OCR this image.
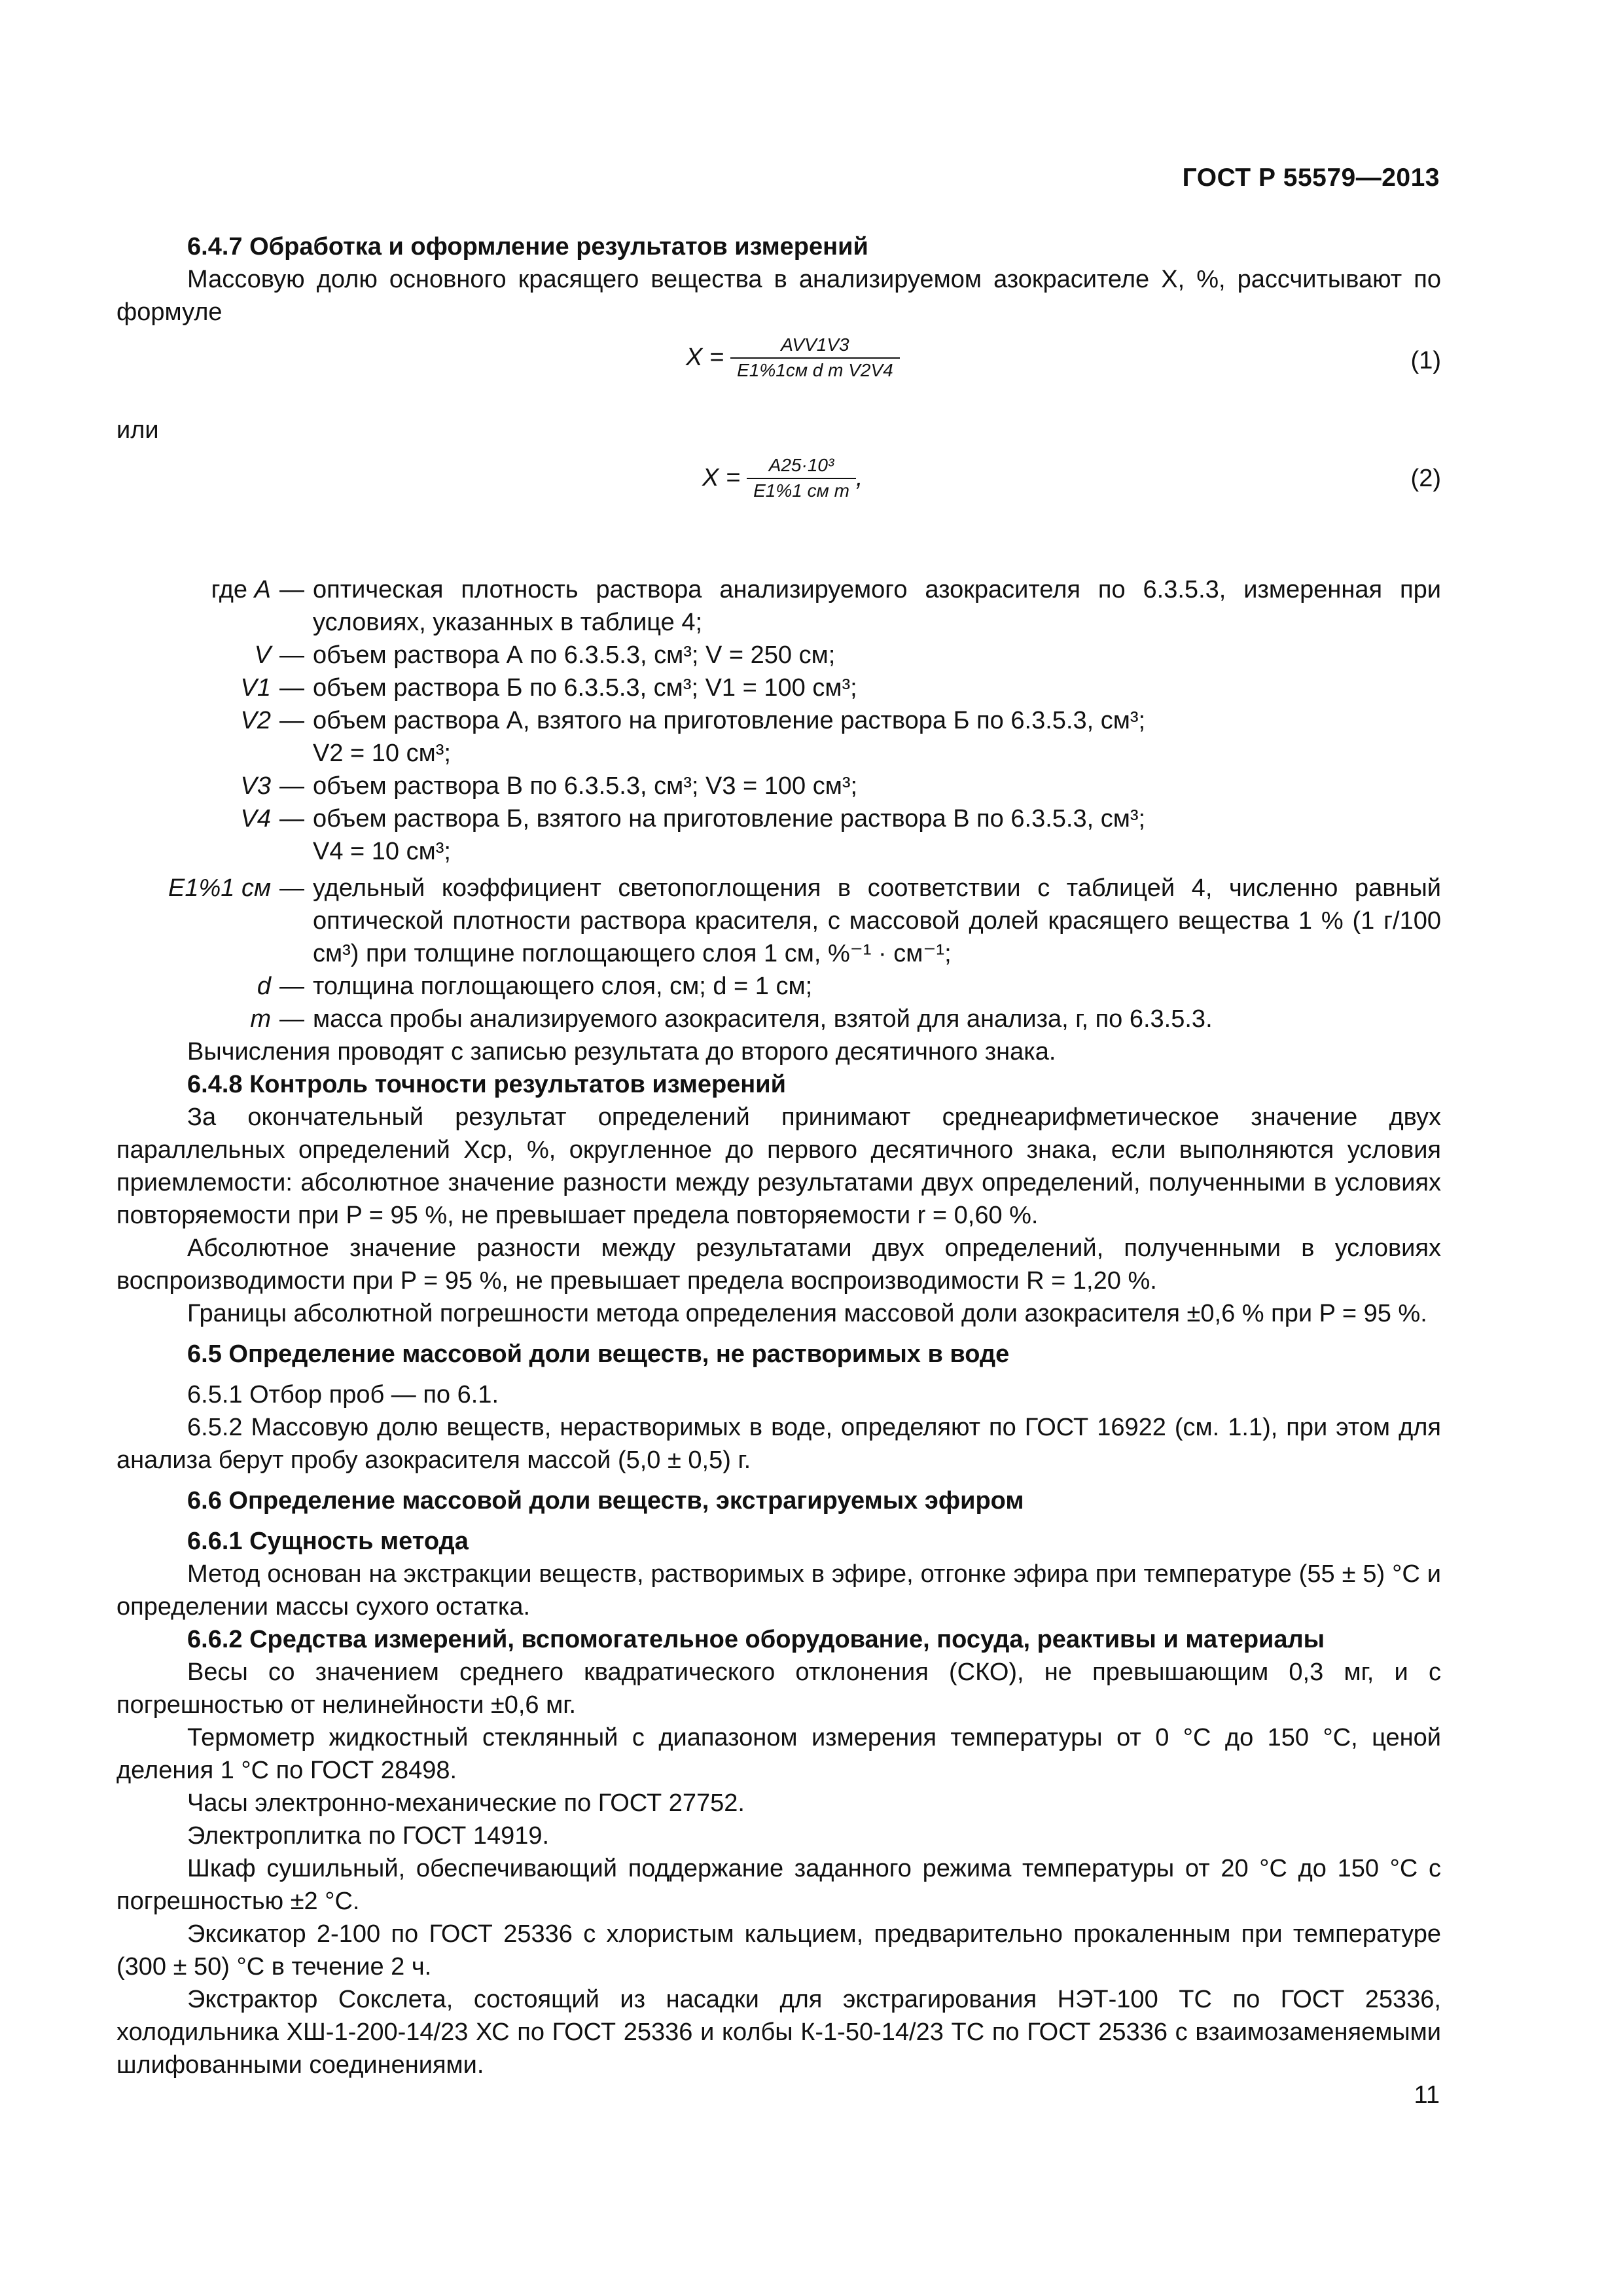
ГОСТ Р 55579—2013

6.4.7 Обработка и оформление результатов измерений

Массовую долю основного красящего вещества в анализируемом азокрасителе X, %, рассчитывают по формуле

$X = \frac{\text{AVV1V3}}{\text{E1\%1см d m V2V4}}$	(1)

или

$X = \frac{\text{A25·10³}}{\text{E1\%1 см m}}$ ,	(2)
где A — оптическая плотность раствора анализируемого азокрасителя по 6.3.5.3, измеренная при условиях, указанных в таблице 4;
V — объем раствора А по 6.3.5.3, см³; V = 250 см;
V1 — объем раствора Б по 6.3.5.3, см³; V1 = 100 см³;
V2 — объем раствора А, взятого на приготовление раствора Б по 6.3.5.3, см³;

V2 = 10 см³;

V3 — объем раствора В по 6.3.5.3, см³; V3 = 100 см³;
V4 — объем раствора Б, взятого на приготовление раствора В по 6.3.5.3, см³;

V4 = 10 см³;

E1%1 см — удельный коэффициент светопоглощения в соответствии с таблицей 4, численно равный оптической плотности раствора красителя, с массовой долей красящего вещества 1 % (1 г/100 см³) при толщине поглощающего слоя 1 см, %⁻¹ · см⁻¹;
d — толщина поглощающего слоя, см; d = 1 см;
m — масса пробы анализируемого азокрасителя, взятой для анализа, г, по 6.3.5.3.

Вычисления проводят с записью результата до второго десятичного знака.

6.4.8 Контроль точности результатов измерений

За окончательный результат определений принимают среднеарифметическое значение двух параллельных определений Xср, %, округленное до первого десятичного знака, если выполняются условия приемлемости: абсолютное значение разности между результатами двух определений, полученными в условиях повторяемости при P = 95 %, не превышает предела повторяемости r = 0,60 %.

Абсолютное значение разности между результатами двух определений, полученными в условиях воспроизводимости при P = 95 %, не превышает предела воспроизводимости R = 1,20 %.

Границы абсолютной погрешности метода определения массовой доли азокрасителя ±0,6 % при P = 95 %.

6.5 Определение массовой доли веществ, не растворимых в воде

6.5.1 Отбор проб — по 6.1.

6.5.2 Массовую долю веществ, нерастворимых в воде, определяют по ГОСТ 16922 (см. 1.1), при этом для анализа берут пробу азокрасителя массой (5,0 ± 0,5) г.

6.6 Определение массовой доли веществ, экстрагируемых эфиром

6.6.1 Сущность метода

Метод основан на экстракции веществ, растворимых в эфире, отгонке эфира при температуре (55 ± 5) °C и определении массы сухого остатка.

6.6.2 Средства измерений, вспомогательное оборудование, посуда, реактивы и материалы

Весы со значением среднего квадратического отклонения (СКО), не превышающим 0,3 мг, и с погрешностью от нелинейности ±0,6 мг.

Термометр жидкостный стеклянный с диапазоном измерения температуры от 0 °C до 150 °C, ценой деления 1 °C по ГОСТ 28498.

Часы электронно-механические по ГОСТ 27752.

Электроплитка по ГОСТ 14919.

Шкаф сушильный, обеспечивающий поддержание заданного режима температуры от 20 °C до 150 °C с погрешностью ±2 °C.

Эксикатор 2-100 по ГОСТ 25336 с хлористым кальцием, предварительно прокаленным при температуре (300 ± 50) °C в течение 2 ч.

Экстрактор Сокслета, состоящий из насадки для экстрагирования НЭТ-100 ТС по ГОСТ 25336, холодильника ХШ-1-200-14/23 ХС по ГОСТ 25336 и колбы К-1-50-14/23 ТС по ГОСТ 25336 с взаимозаменяемыми шлифованными соединениями.

11
